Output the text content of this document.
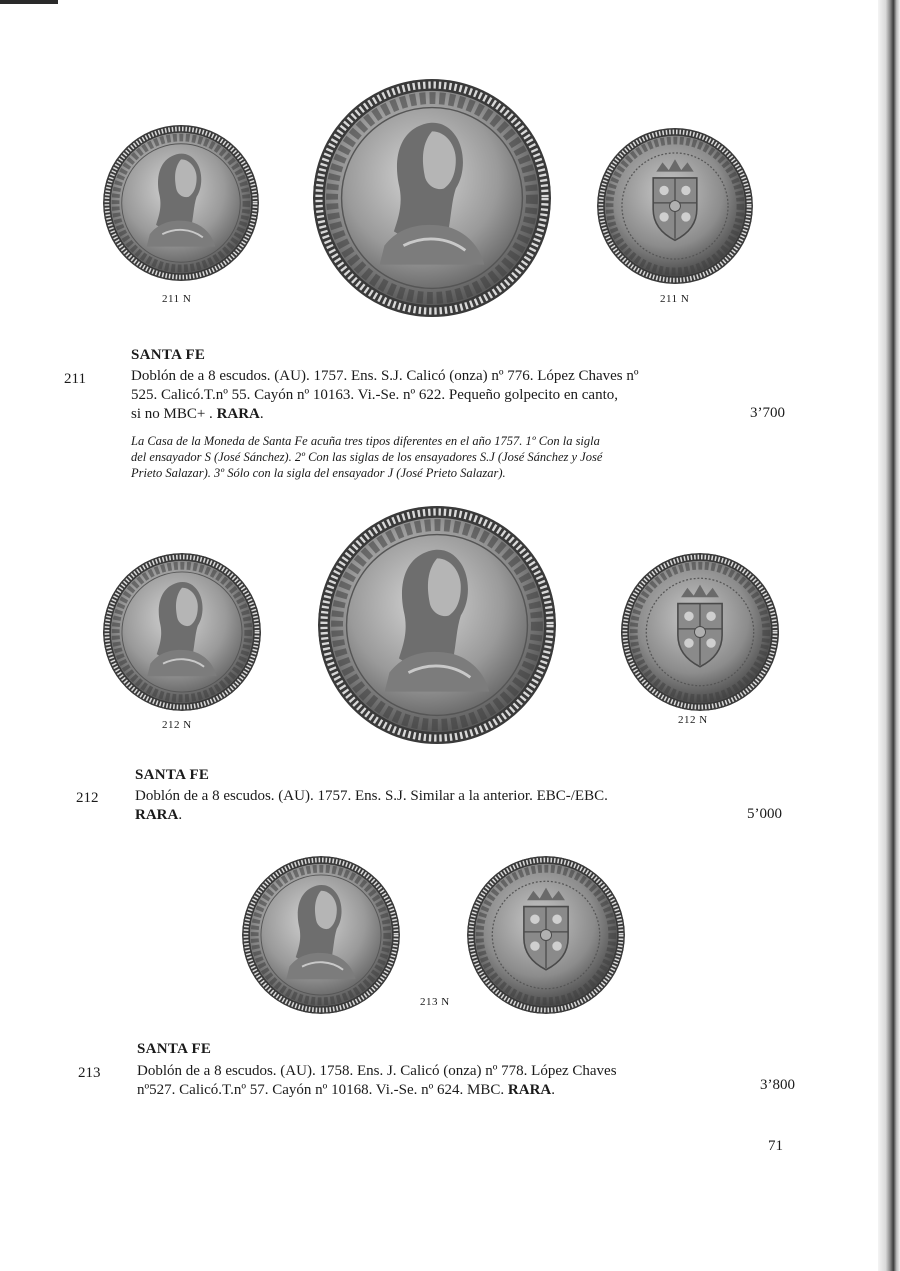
211 N	211 N
SANTA FE
211	Doblón de a 8 escudos. (AU). 1757. Ens. S.J. Calicó (onza) nº 776. López Chaves nº
525. Calicó.T.nº 55. Cayón nº 10163. Vi.-Se. nº 622. Pequeño golpecito en canto,
si no MBC+ . RARA.	3’700
La Casa de la Moneda de Santa Fe acuña tres tipos diferentes en el año 1757. 1º Con la sigla
del ensayador S (José Sánchez). 2º Con las siglas de los ensayadores S.J (José Sánchez y José
Prieto Salazar). 3º Sólo con la sigla del ensayador J (José Prieto Salazar).
212 N	212 N
SANTA FE
212 Doblón de a 8 escudos. (AU). 1757. Ens. S.J. Similar a la anterior. EBC-/EBC.
RARA.	5’000
213 N
SANTA FE
213 Doblón de a 8 escudos. (AU). 1758. Ens. J. Calicó (onza) nº 778. López Chaves
nº527. Calicó.T.nº 57. Cayón nº 10168. Vi.-Se. nº 624. MBC. RARA.	3’800
71
